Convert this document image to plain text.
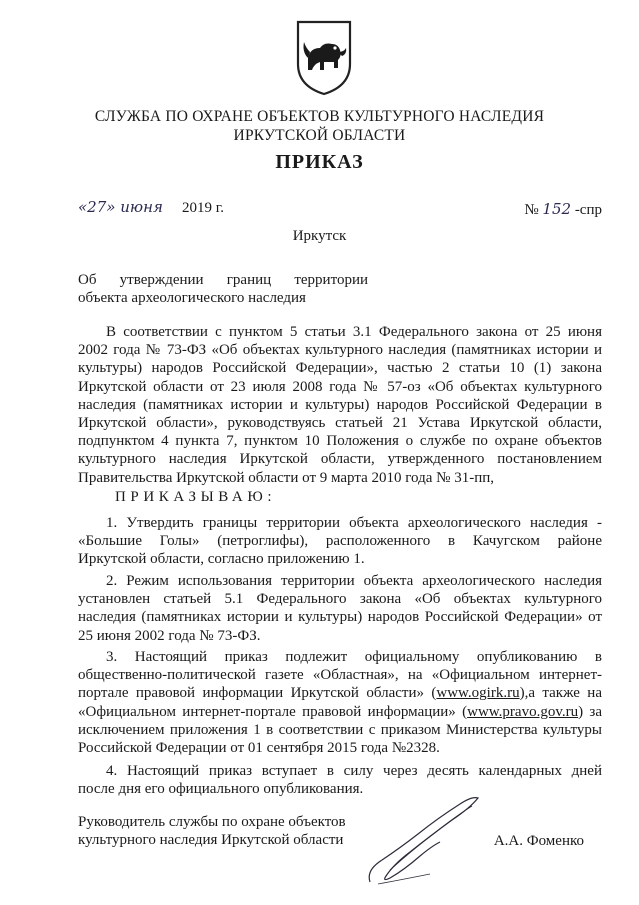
СЛУЖБА ПО ОХРАНЕ ОБЪЕКТОВ КУЛЬТУРНОГО НАСЛЕДИЯ
ИРКУТСКОЙ ОБЛАСТИ
ПРИКАЗ
«27» июня 2019 г.	№ 152 -спр
Иркутск
Об утверждении границ территории
объекта археологического наследия
В соответствии с пунктом 5 статьи 3.1 Федерального закона от 25 июня
2002 года № 73-ФЗ «Об объектах культурного наследия (памятниках истории и
культуры) народов Российской Федерации», частью 2 статьи 10 (1) закона
Иркутской области от 23 июля 2008 года № 57-оз «Об объектах культурного
наследия (памятниках истории и культуры) народов Российской Федерации в
Иркутской области», руководствуясь статьей 21 Устава Иркутской области,
подпунктом 4 пункта 7, пунктом 10 Положения о службе по охране объектов
культурного наследия Иркутской области, утвержденного постановлением
Правительства Иркутской области от 9 марта 2010 года № 31-пп,
ПРИКАЗЫВАЮ:
1. Утвердить границы территории объекта археологического наследия -
«Большие Голы» (петроглифы), расположенного в Качугском районе
Иркутской области, согласно приложению 1.
2. Режим использования территории объекта археологического наследия
установлен статьей 5.1 Федерального закона «Об объектах культурного
наследия (памятниках истории и культуры) народов Российской Федерации» от
25 июня 2002 года № 73-ФЗ.
3. Настоящий приказ подлежит официальному опубликованию в
общественно-политической газете «Областная», на «Официальном интернет-
портале правовой информации Иркутской области» (www.ogirk.ru),а также на
«Официальном интернет-портале правовой информации» (www.pravo.gov.ru) за
исключением приложения 1 в соответствии с приказом Министерства культуры
Российской Федерации от 01 сентября 2015 года №2328.
4. Настоящий приказ вступает в силу через десять календарных дней
после дня его официального опубликования.
Руководитель службы по охране объектов
культурного наследия Иркутской области	А.А. Фоменко
